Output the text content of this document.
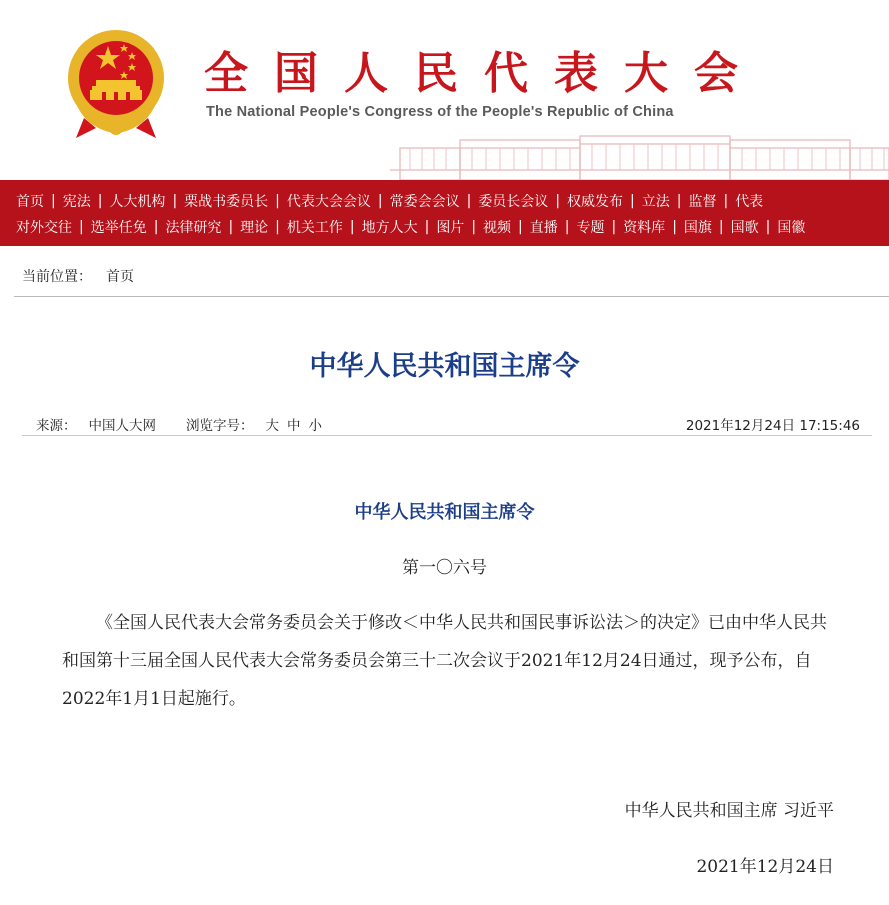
全国人民代表大会
The National People's Congress of the People's Republic of China
首页 | 宪法 | 人大机构 | 栗战书委员长 | 代表大会会议 | 常委会会议 | 委员长会议 | 权威发布 | 立法 | 监督 | 代表
对外交往 | 选举任免 | 法律研究 | 理论 | 机关工作 | 地方人大 | 图片 | 视频 | 直播 | 专题 | 资料库 | 国旗 | 国歌 | 国徽
当前位置： 首页
中华人民共和国主席令
来源： 中国人大网 浏览字号： 大 中 小	2021年12月24日 17:15:46
中华人民共和国主席令
第一〇六号

《全国人民代表大会常务委员会关于修改＜中华人民共和国民事诉讼法＞的决定》已由中华人民共和国第十三届全国人民代表大会常务委员会第三十二次会议于2021年12月24日通过，现予公布，自2022年1月1日起施行。

中华人民共和国主席 习近平
2021年12月24日
